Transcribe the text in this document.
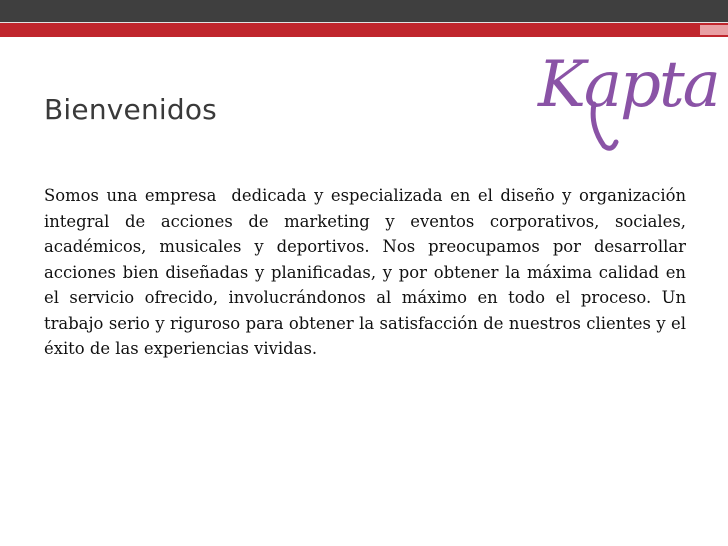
Kapta
Bienvenidos

Somos una empresa  dedicada y especializada en el diseño y organización integral de acciones de marketing y eventos corporativos, sociales, académicos, musicales y deportivos. Nos preocupamos por desarrollar acciones bien diseñadas y planificadas, y por obtener la máxima calidad en el servicio ofrecido, involucrándonos al máximo en todo el proceso. Un trabajo serio y riguroso para obtener la satisfacción de nuestros clientes y el éxito de las experiencias vividas.
